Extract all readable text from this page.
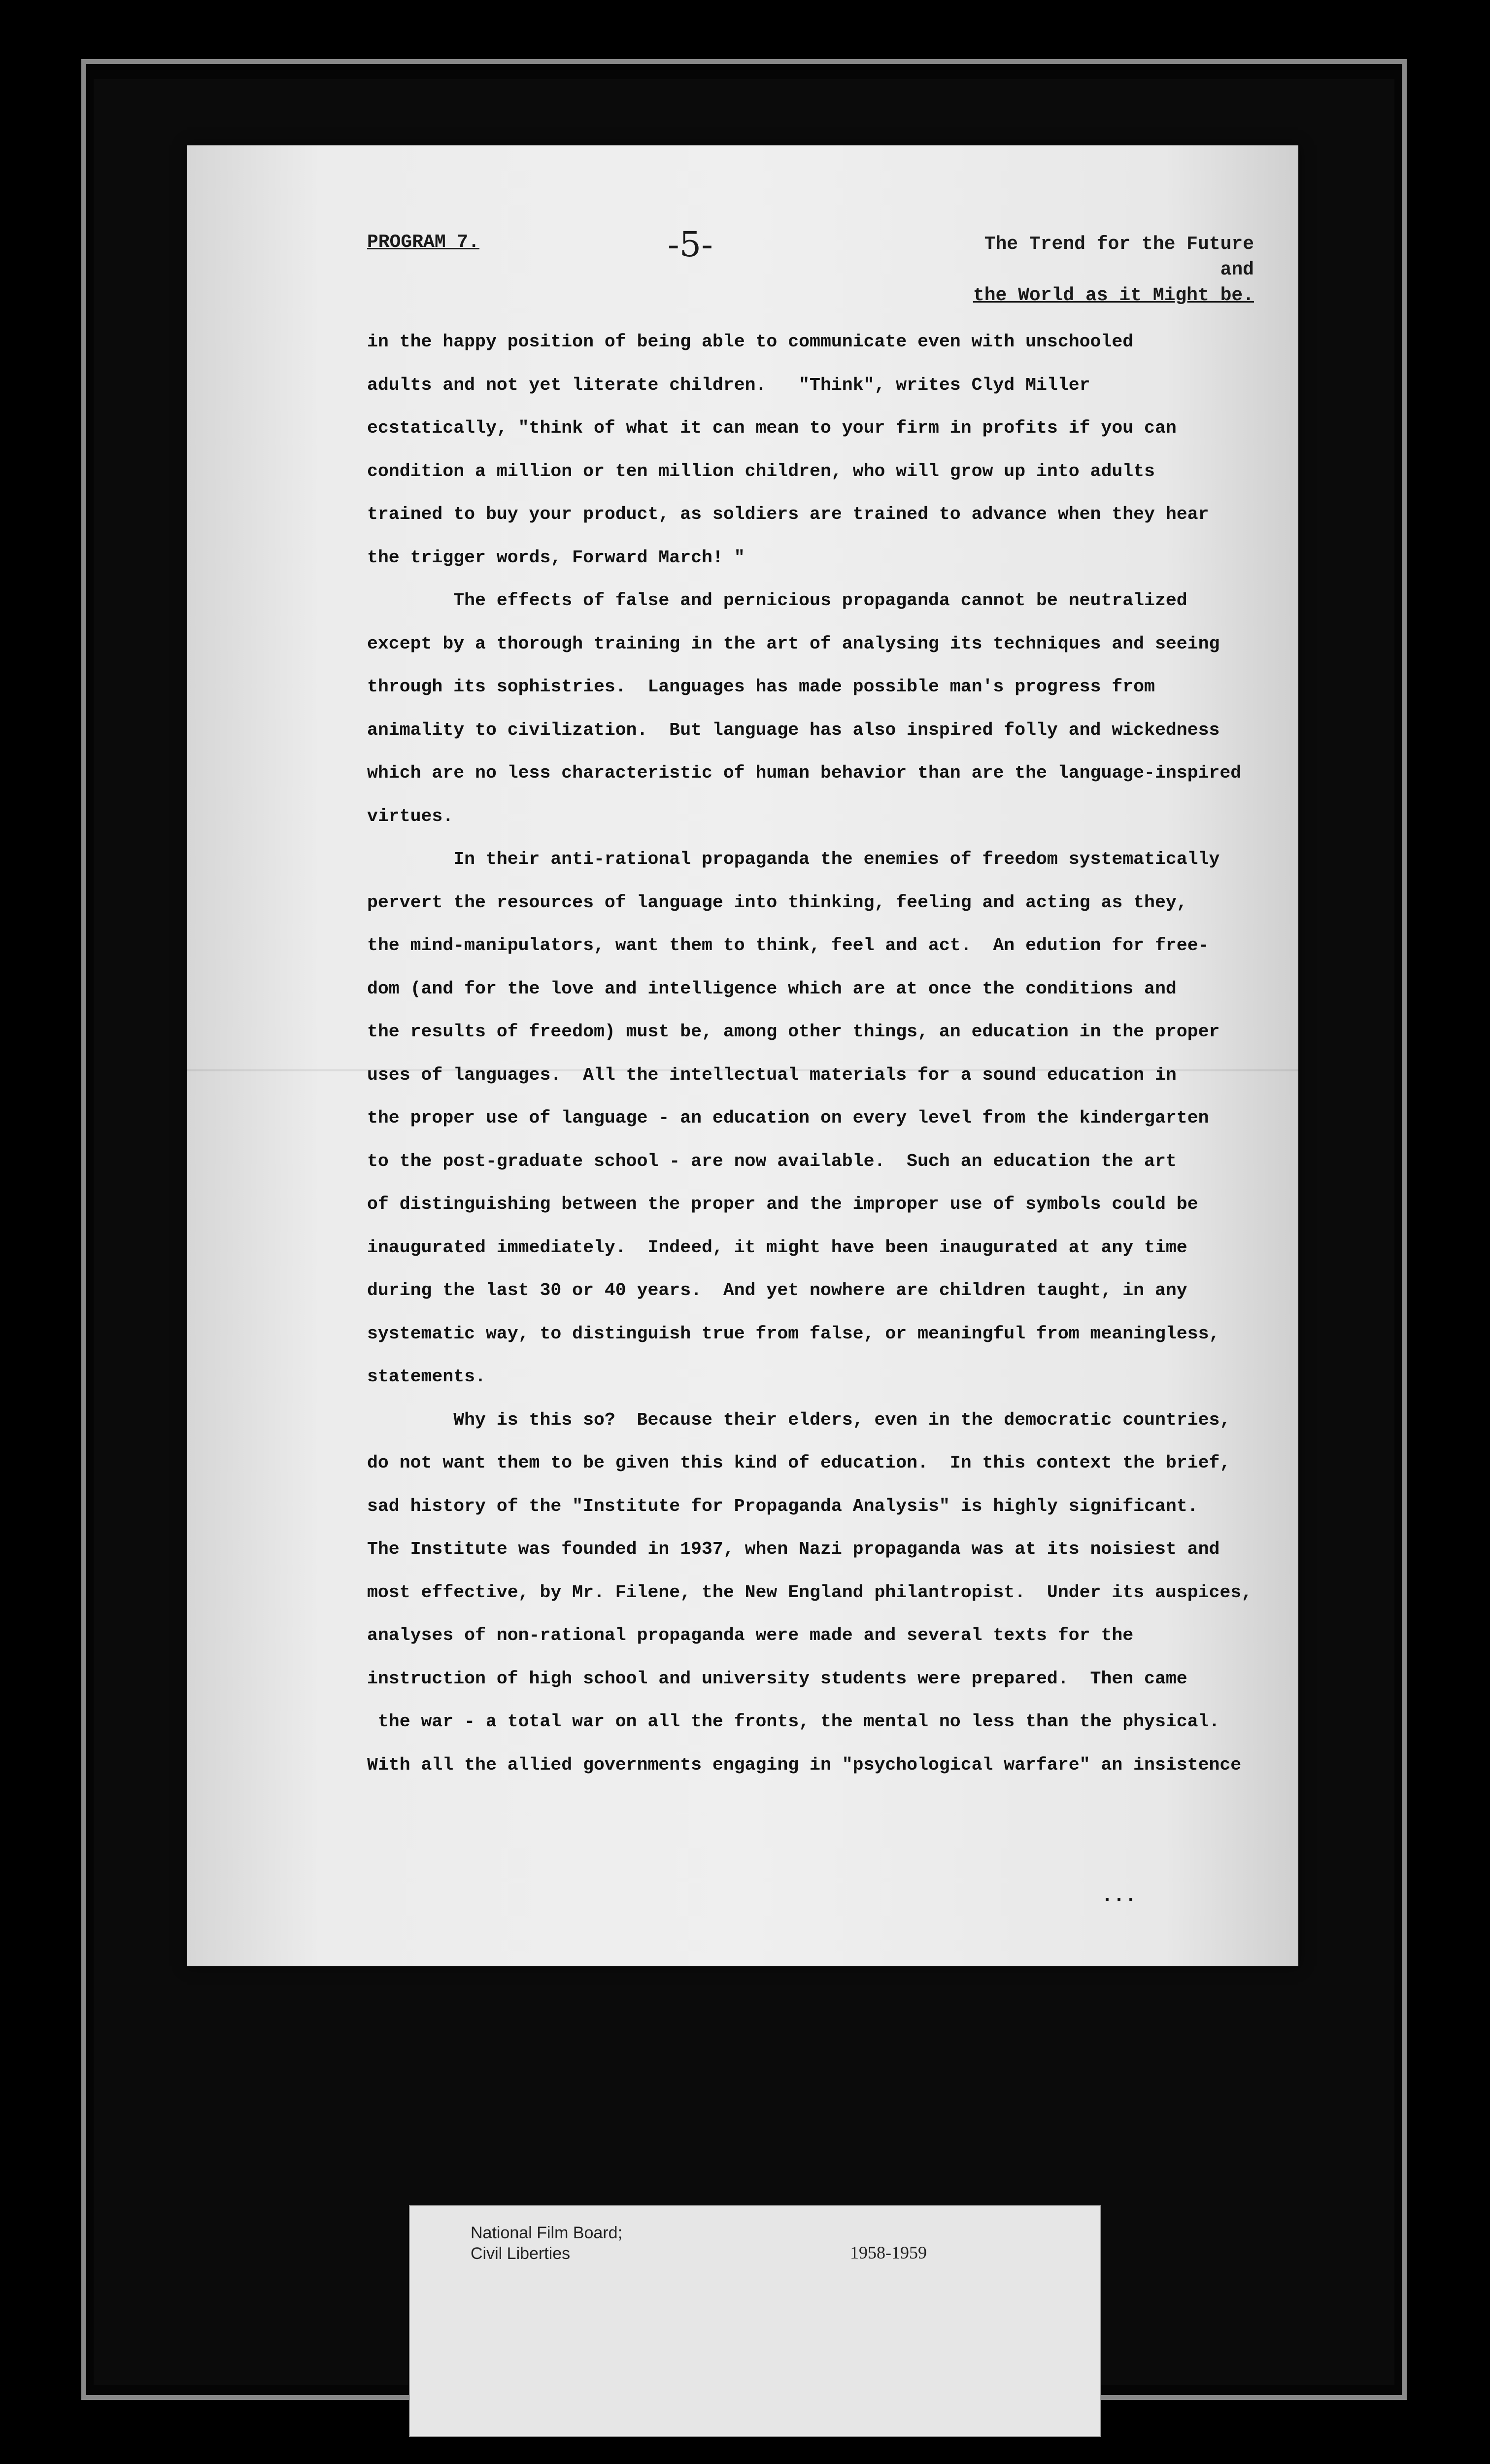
PROGRAM 7.	-5-	The Trend for the Future and
the World as it Might be.

in the happy position of being able to communicate even with unschooled

adults and not yet literate children.   "Think", writes Clyd Miller

ecstatically, "think of what it can mean to your firm in profits if you can

condition a million or ten million children, who will grow up into adults

trained to buy your product, as soldiers are trained to advance when they hear

the trigger words, Forward March! "

The effects of false and pernicious propaganda cannot be neutralized

except by a thorough training in the art of analysing its techniques and seeing

through its sophistries.  Languages has made possible man's progress from

animality to civilization.  But language has also inspired folly and wickedness

which are no less characteristic of human behavior than are the language-inspired

virtues.

In their anti-rational propaganda the enemies of freedom systematically

pervert the resources of language into thinking, feeling and acting as they,

the mind-manipulators, want them to think, feel and act.  An edution for free-

dom (and for the love and intelligence which are at once the conditions and

the results of freedom) must be, among other things, an education in the proper

uses of languages.  All the intellectual materials for a sound education in

the proper use of language - an education on every level from the kindergarten

to the post-graduate school - are now available.  Such an education the art

of distinguishing between the proper and the improper use of symbols could be

inaugurated immediately.  Indeed, it might have been inaugurated at any time

during the last 30 or 40 years.  And yet nowhere are children taught, in any

systematic way, to distinguish true from false, or meaningful from meaningless,

statements.

Why is this so?  Because their elders, even in the democratic countries,

do not want them to be given this kind of education.  In this context the brief,

sad history of the "Institute for Propaganda Analysis" is highly significant.

The Institute was founded in 1937, when Nazi propaganda was at its noisiest and

most effective, by Mr. Filene, the New England philantropist.  Under its auspices,

analyses of non-rational propaganda were made and several texts for the

instruction of high school and university students were prepared.  Then came

the war - a total war on all the fronts, the mental no less than the physical.

With all the allied governments engaging in "psychological warfare" an insistence

...
National Film Board;
Civil Liberties	1958-1959
